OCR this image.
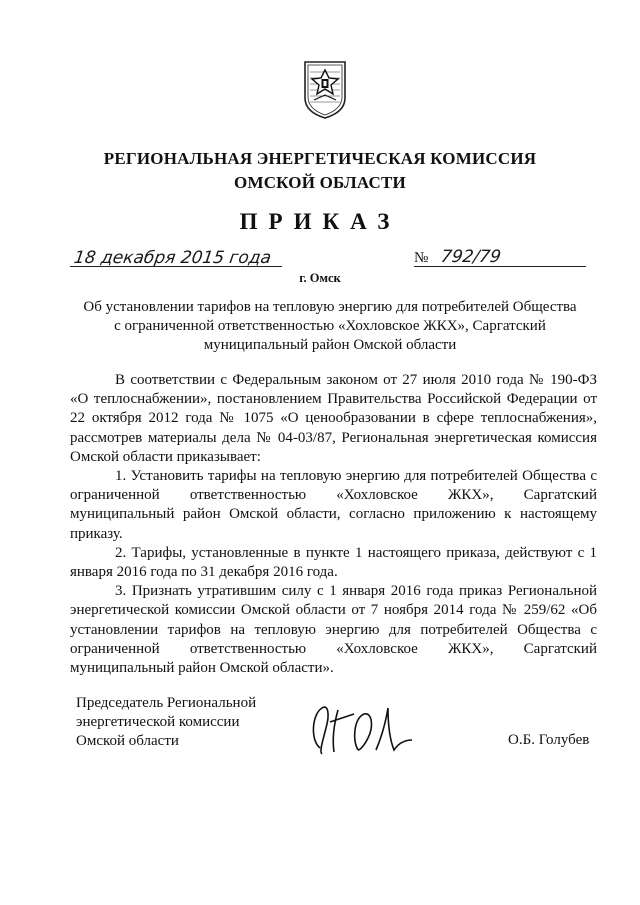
РЕГИОНАЛЬНАЯ ЭНЕРГЕТИЧЕСКАЯ КОМИССИЯ
ОМСКОЙ ОБЛАСТИ
ПРИКАЗ
18 декабря 2015 года	№ 792/79
г. Омск
Об установлении тарифов на тепловую энергию для потребителей Общества
с ограниченной ответственностью «Хохловское ЖКХ», Саргатский
муниципальный район Омской области

В соответствии с Федеральным законом от 27 июля 2010 года № 190-ФЗ «О теплоснабжении», постановлением Правительства Российской Федерации от 22 октября 2012 года № 1075 «О ценообразовании в сфере теплоснабжения», рассмотрев материалы дела № 04-03/87, Региональная энергетическая комиссия Омской области приказывает:

1. Установить тарифы на тепловую энергию для потребителей Общества с ограниченной ответственностью «Хохловское ЖКХ», Саргатский муниципальный район Омской области, согласно приложению к настоящему приказу.

2. Тарифы, установленные в пункте 1 настоящего приказа, действуют с 1 января 2016 года по 31 декабря 2016 года.

3. Признать утратившим силу с 1 января 2016 года приказ Региональной энергетической комиссии Омской области от 7 ноября 2014 года № 259/62 «Об установлении тарифов на тепловую энергию для потребителей Общества с ограниченной ответственностью «Хохловское ЖКХ», Саргатский муниципальный район Омской области».

Председатель Региональной
энергетической комиссии
Омской области	О.Б. Голубев
